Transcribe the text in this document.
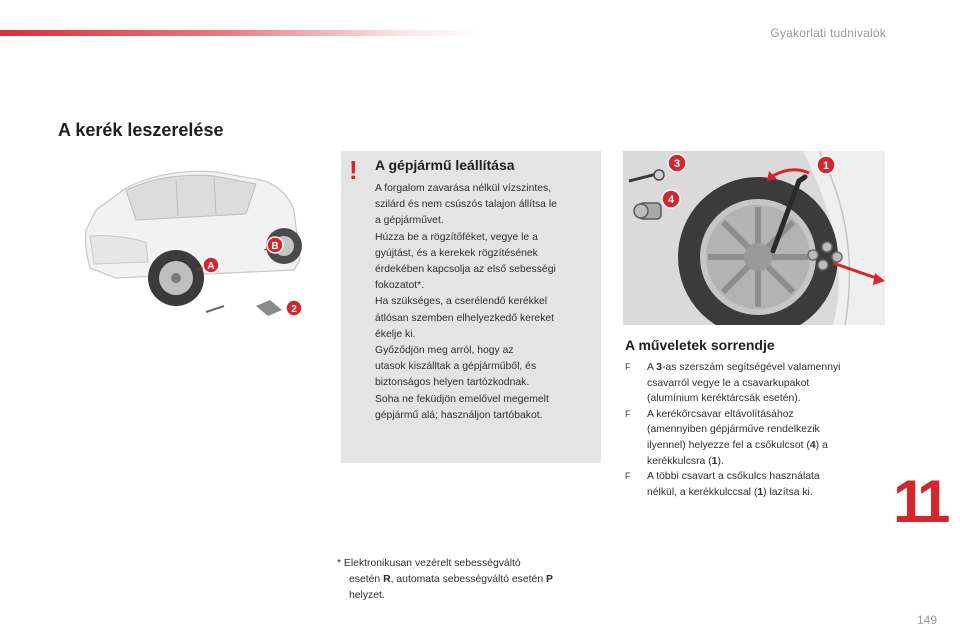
Gyakorlati tudnivalók
A kerék leszerelése
A
B
2
! A gépjármű leállítása
A forgalom zavarása nélkül vízszintes,
szilárd és nem csúszós talajon állítsa le
a gépjárművet.
Húzza be a rögzítőféket, vegye le a
gyújtást, és a kerekek rögzítésének
érdekében kapcsolja az első sebességi
fokozatot*.
Ha szükséges, a cserélendő kerékkel
átlósan szemben elhelyezkedő kereket
ékelje ki.
Győződjön meg arról, hogy az
utasok kiszálltak a gépjárműből, és
biztonságos helyen tartózkodnak.
Soha ne feküdjön emelővel megemelt
gépjármű alá; használjon tartóbakot.
3
4
1
A műveletek sorrendje
F A 3-as szerszám segítségével valamennyi
csavarról vegye le a csavarkupakot
(alumínium keréktárcsák esetén).
F A kerékőrcsavar eltávolításához
(amennyiben gépjárműve rendelkezik
ilyennel) helyezze fel a csőkulcsot (4) a
kerékkulcsra (1).
F A többi csavart a csőkulcs használata
nélkül, a kerékkulccsal (1) lazítsa ki.	11
* Elektronikusan vezérelt sebességváltó
esetén R, automata sebességváltó esetén P
helyzet.
149
